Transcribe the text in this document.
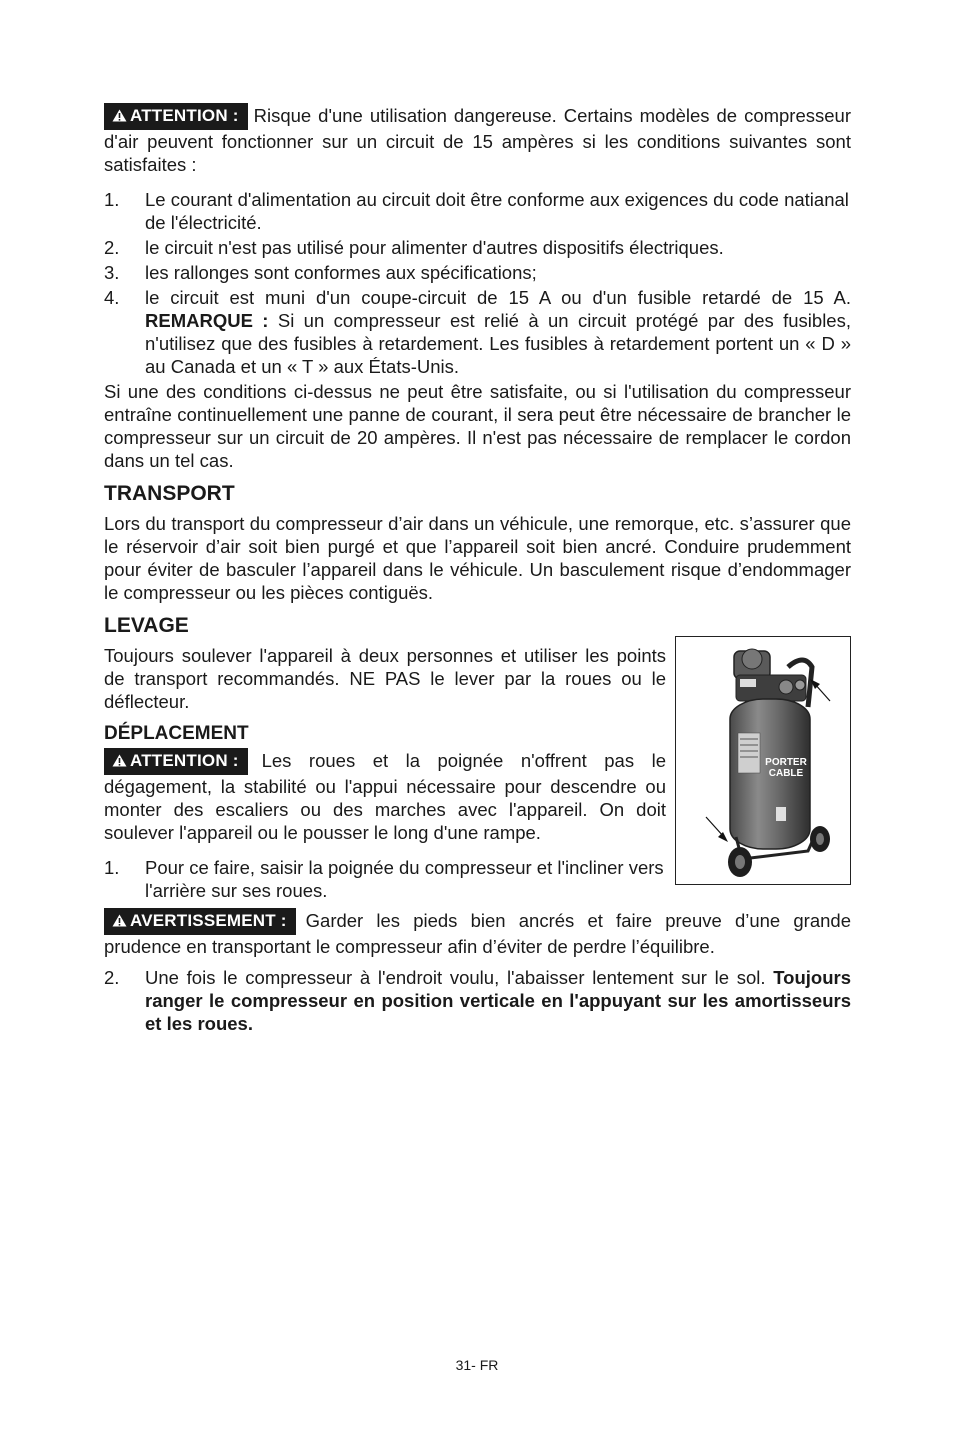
ATTENTION : Risque d'une utilisation dangereuse. Certains modèles de compresseur d'air peuvent fonctionner sur un circuit de 15 ampères si les conditions suivantes sont satisfaites :

1. Le courant d'alimentation au circuit doit être conforme aux exigences du code natianal de l'électricité.
2. le circuit n'est pas utilisé pour alimenter d'autres dispositifs électriques.
3. les rallonges sont conformes aux spécifications;
4. le circuit est muni d'un coupe-circuit de 15 A ou d'un fusible retardé de 15 A. REMARQUE : Si un compresseur est relié à un circuit protégé par des fusibles, n'utilisez que des fusibles à retardement. Les fusibles à retardement portent un « D » au Canada et un « T » aux États-Unis.

Si une des conditions ci-dessus ne peut être satisfaite, ou si l'utilisation du compresseur entraîne continuellement une panne de courant, il sera peut être nécessaire de brancher le compresseur sur un circuit de 20 ampères. Il n'est pas nécessaire de remplacer le cordon dans un tel cas.

TRANSPORT

Lors du transport du compresseur d’air dans un véhicule, une remorque, etc. s’assurer que le réservoir d’air soit bien purgé et que l’appareil soit bien ancré. Conduire prudemment pour éviter de basculer l’appareil dans le véhicule. Un basculement risque d’endommager le compresseur ou les pièces contiguës.

LEVAGE

Toujours soulever l'appareil à deux personnes et utiliser les points de transport recommandés. NE PAS le lever par la roues ou le déflecteur.

DÉPLACEMENT

ATTENTION : Les roues et la poignée n'offrent pas le dégagement, la stabilité ou l'appui nécessaire pour descendre ou monter des escaliers ou des marches avec l'appareil. On doit soulever l'appareil ou le pousser le long d'une rampe.

1. Pour ce faire, saisir la poignée du compresseur et l'incliner vers l'arrière sur ses roues.

AVERTISSEMENT : Garder les pieds bien ancrés et faire preuve d’une grande prudence en transportant le compresseur afin d’éviter de perdre l’équilibre.

2. Une fois le compresseur à l'endroit voulu, l'abaisser lentement sur le sol. Toujours ranger le compresseur en position verticale en l'appuyant sur les amortisseurs et les roues.
PORTER
CABLE
31- FR
